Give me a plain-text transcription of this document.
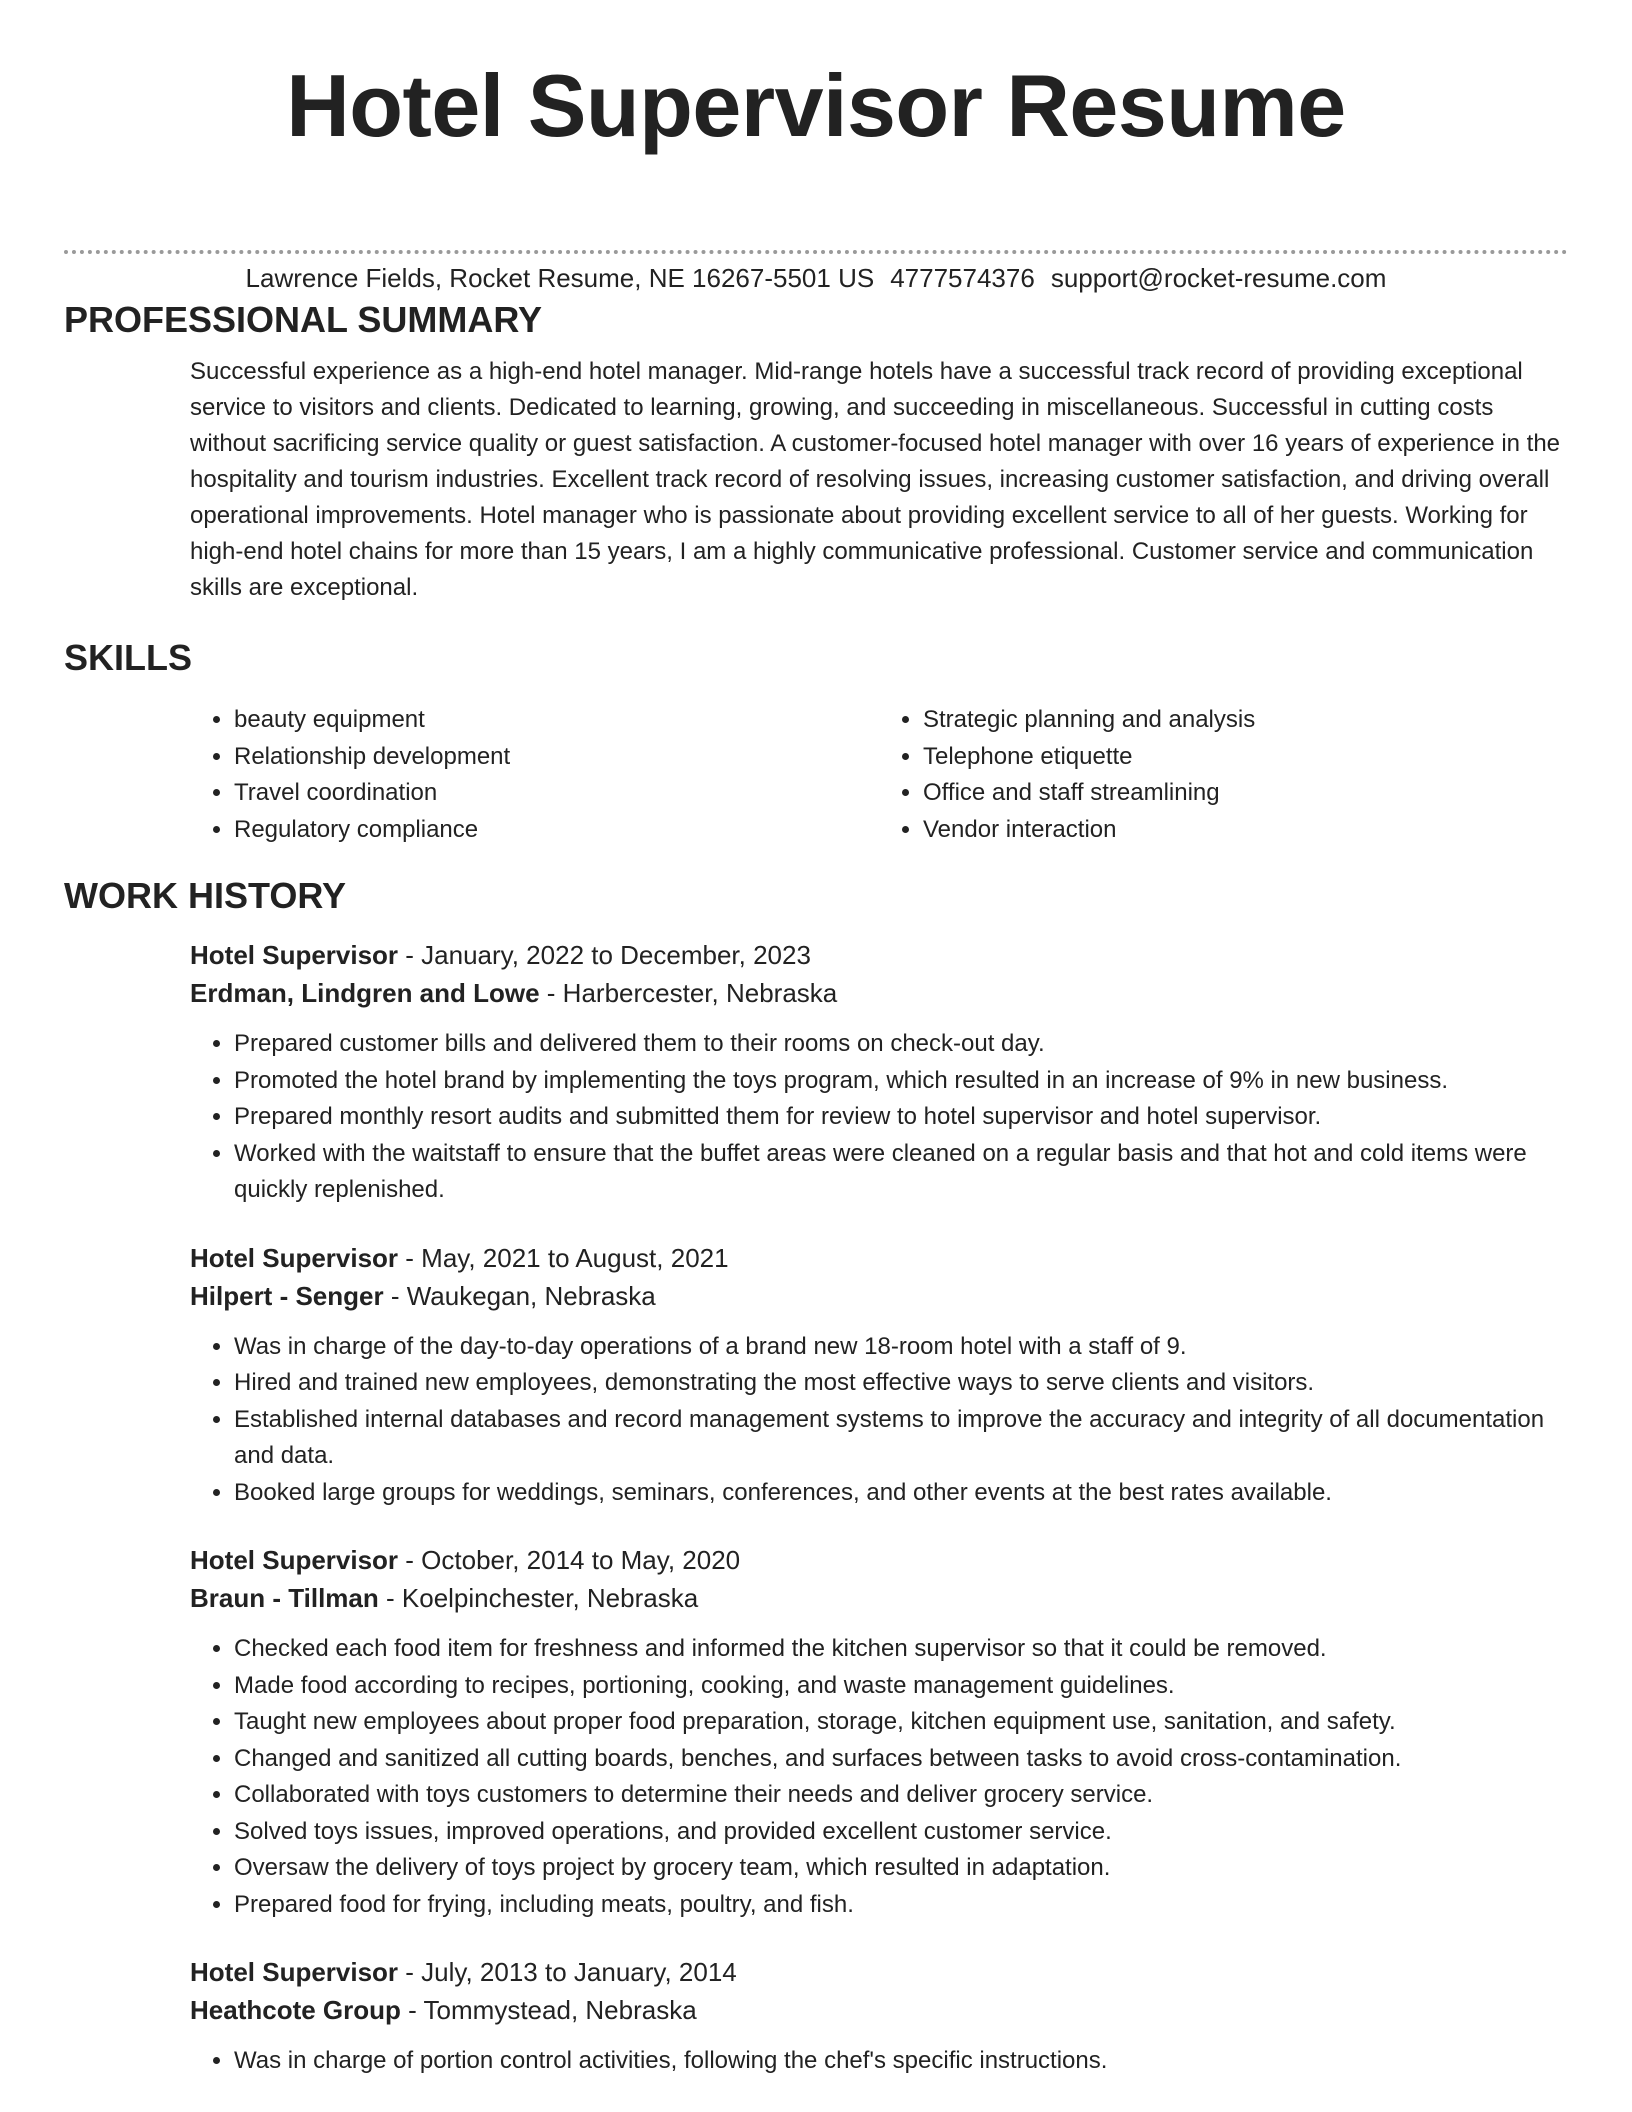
Hotel Supervisor Resume
Lawrence Fields, Rocket Resume, NE 16267-5501 US 4777574376 support@rocket-resume.com
PROFESSIONAL SUMMARY

Successful experience as a high-end hotel manager. Mid-range hotels have a successful track record of providing exceptional service to visitors and clients. Dedicated to learning, growing, and succeeding in miscellaneous. Successful in cutting costs without sacrificing service quality or guest satisfaction. A customer-focused hotel manager with over 16 years of experience in the hospitality and tourism industries. Excellent track record of resolving issues, increasing customer satisfaction, and driving overall operational improvements. Hotel manager who is passionate about providing excellent service to all of her guests. Working for high-end hotel chains for more than 15 years, I am a highly communicative professional. Customer service and communication skills are exceptional.

SKILLS
• beauty equipment
• Relationship development
• Travel coordination
• Regulatory compliance
• Strategic planning and analysis
• Telephone etiquette
• Office and staff streamlining
• Vendor interaction
WORK HISTORY
Hotel Supervisor - January, 2022 to December, 2023
Erdman, Lindgren and Lowe - Harbercester, Nebraska
• Prepared customer bills and delivered them to their rooms on check-out day.
• Promoted the hotel brand by implementing the toys program, which resulted in an increase of 9% in new business.
• Prepared monthly resort audits and submitted them for review to hotel supervisor and hotel supervisor.
• Worked with the waitstaff to ensure that the buffet areas were cleaned on a regular basis and that hot and cold items were quickly replenished.
Hotel Supervisor - May, 2021 to August, 2021
Hilpert - Senger - Waukegan, Nebraska
• Was in charge of the day-to-day operations of a brand new 18-room hotel with a staff of 9.
• Hired and trained new employees, demonstrating the most effective ways to serve clients and visitors.
• Established internal databases and record management systems to improve the accuracy and integrity of all documentation and data.
• Booked large groups for weddings, seminars, conferences, and other events at the best rates available.
Hotel Supervisor - October, 2014 to May, 2020
Braun - Tillman - Koelpinchester, Nebraska
• Checked each food item for freshness and informed the kitchen supervisor so that it could be removed.
• Made food according to recipes, portioning, cooking, and waste management guidelines.
• Taught new employees about proper food preparation, storage, kitchen equipment use, sanitation, and safety.
• Changed and sanitized all cutting boards, benches, and surfaces between tasks to avoid cross-contamination.
• Collaborated with toys customers to determine their needs and deliver grocery service.
• Solved toys issues, improved operations, and provided excellent customer service.
• Oversaw the delivery of toys project by grocery team, which resulted in adaptation.
• Prepared food for frying, including meats, poultry, and fish.
Hotel Supervisor - July, 2013 to January, 2014
Heathcote Group - Tommystead, Nebraska
• Was in charge of portion control activities, following the chef's specific instructions.
